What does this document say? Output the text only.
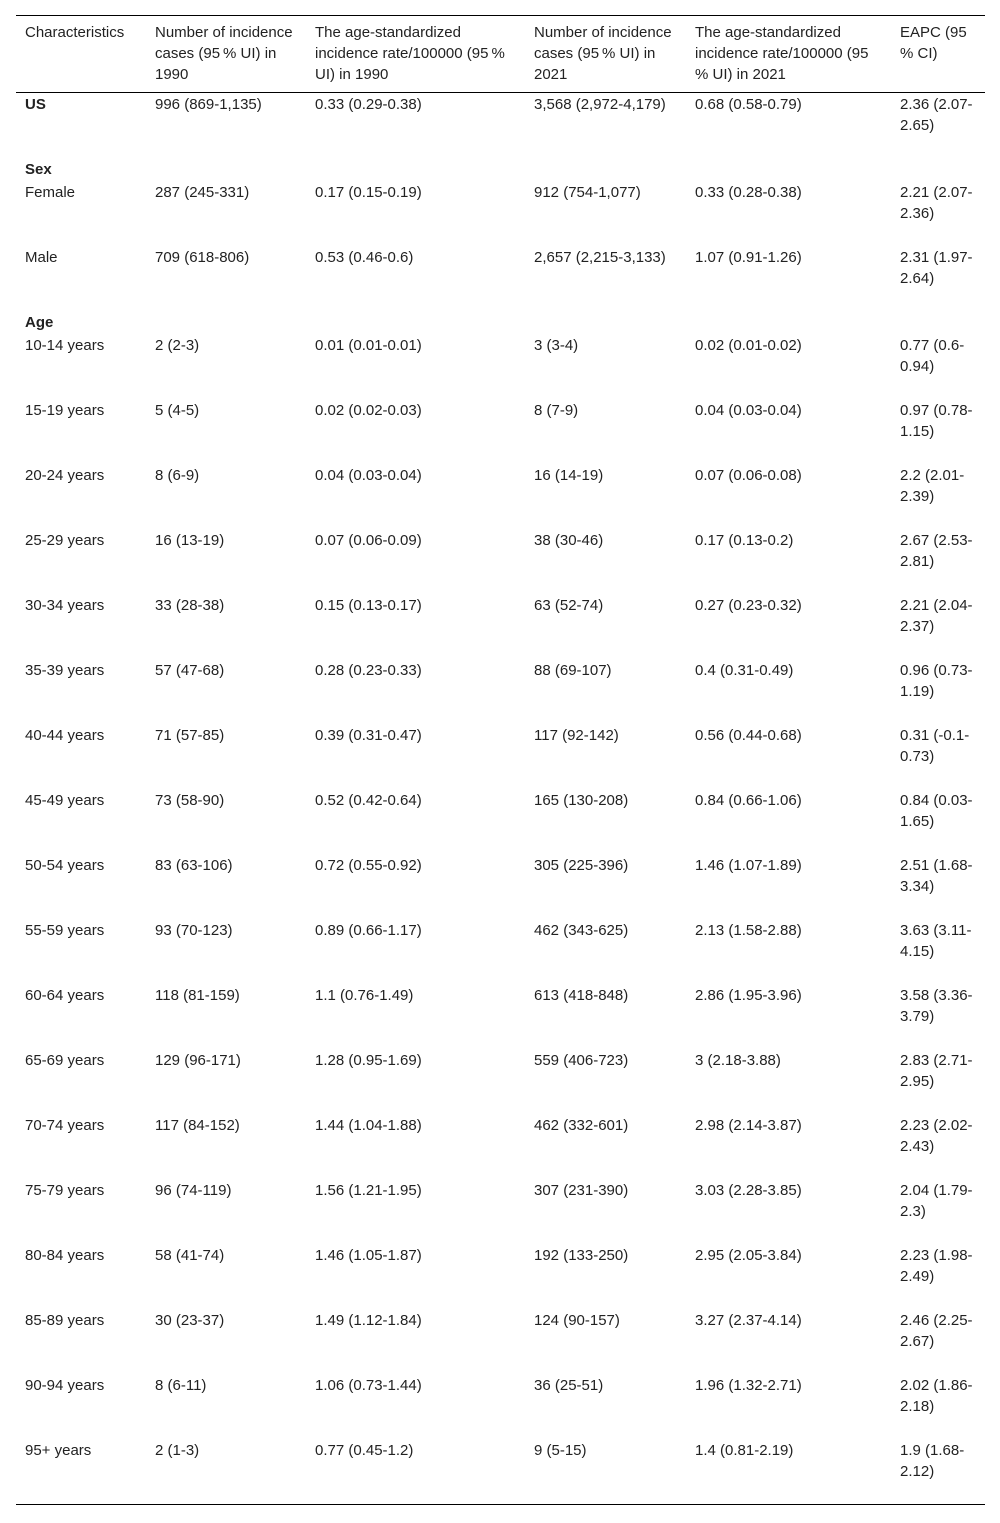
Characteristics	Number of incidence cases (95 % UI) in 1990	The age-standardized incidence rate/100000 (95 % UI) in 1990	Number of incidence cases (95 % UI) in 2021	The age-standardized incidence rate/100000 (95 % UI) in 2021	EAPC (95 % CI)
US	996 (869-1,135)	0.33 (0.29-0.38)	3,568 (2,972-4,179)	0.68 (0.58-0.79)	2.36 (2.07-2.65)
Sex					
Female	287 (245-331)	0.17 (0.15-0.19)	912 (754-1,077)	0.33 (0.28-0.38)	2.21 (2.07-2.36)
Male	709 (618-806)	0.53 (0.46-0.6)	2,657 (2,215-3,133)	1.07 (0.91-1.26)	2.31 (1.97-2.64)
Age					
10-14 years	2 (2-3)	0.01 (0.01-0.01)	3 (3-4)	0.02 (0.01-0.02)	0.77 (0.6-0.94)
15-19 years	5 (4-5)	0.02 (0.02-0.03)	8 (7-9)	0.04 (0.03-0.04)	0.97 (0.78-1.15)
20-24 years	8 (6-9)	0.04 (0.03-0.04)	16 (14-19)	0.07 (0.06-0.08)	2.2 (2.01-2.39)
25-29 years	16 (13-19)	0.07 (0.06-0.09)	38 (30-46)	0.17 (0.13-0.2)	2.67 (2.53-2.81)
30-34 years	33 (28-38)	0.15 (0.13-0.17)	63 (52-74)	0.27 (0.23-0.32)	2.21 (2.04-2.37)
35-39 years	57 (47-68)	0.28 (0.23-0.33)	88 (69-107)	0.4 (0.31-0.49)	0.96 (0.73-1.19)
40-44 years	71 (57-85)	0.39 (0.31-0.47)	117 (92-142)	0.56 (0.44-0.68)	0.31 (-0.1-0.73)
45-49 years	73 (58-90)	0.52 (0.42-0.64)	165 (130-208)	0.84 (0.66-1.06)	0.84 (0.03-1.65)
50-54 years	83 (63-106)	0.72 (0.55-0.92)	305 (225-396)	1.46 (1.07-1.89)	2.51 (1.68-3.34)
55-59 years	93 (70-123)	0.89 (0.66-1.17)	462 (343-625)	2.13 (1.58-2.88)	3.63 (3.11-4.15)
60-64 years	118 (81-159)	1.1 (0.76-1.49)	613 (418-848)	2.86 (1.95-3.96)	3.58 (3.36-3.79)
65-69 years	129 (96-171)	1.28 (0.95-1.69)	559 (406-723)	3 (2.18-3.88)	2.83 (2.71-2.95)
70-74 years	117 (84-152)	1.44 (1.04-1.88)	462 (332-601)	2.98 (2.14-3.87)	2.23 (2.02-2.43)
75-79 years	96 (74-119)	1.56 (1.21-1.95)	307 (231-390)	3.03 (2.28-3.85)	2.04 (1.79-2.3)
80-84 years	58 (41-74)	1.46 (1.05-1.87)	192 (133-250)	2.95 (2.05-3.84)	2.23 (1.98-2.49)
85-89 years	30 (23-37)	1.49 (1.12-1.84)	124 (90-157)	3.27 (2.37-4.14)	2.46 (2.25-2.67)
90-94 years	8 (6-11)	1.06 (0.73-1.44)	36 (25-51)	1.96 (1.32-2.71)	2.02 (1.86-2.18)
95+ years	2 (1-3)	0.77 (0.45-1.2)	9 (5-15)	1.4 (0.81-2.19)	1.9 (1.68-2.12)
